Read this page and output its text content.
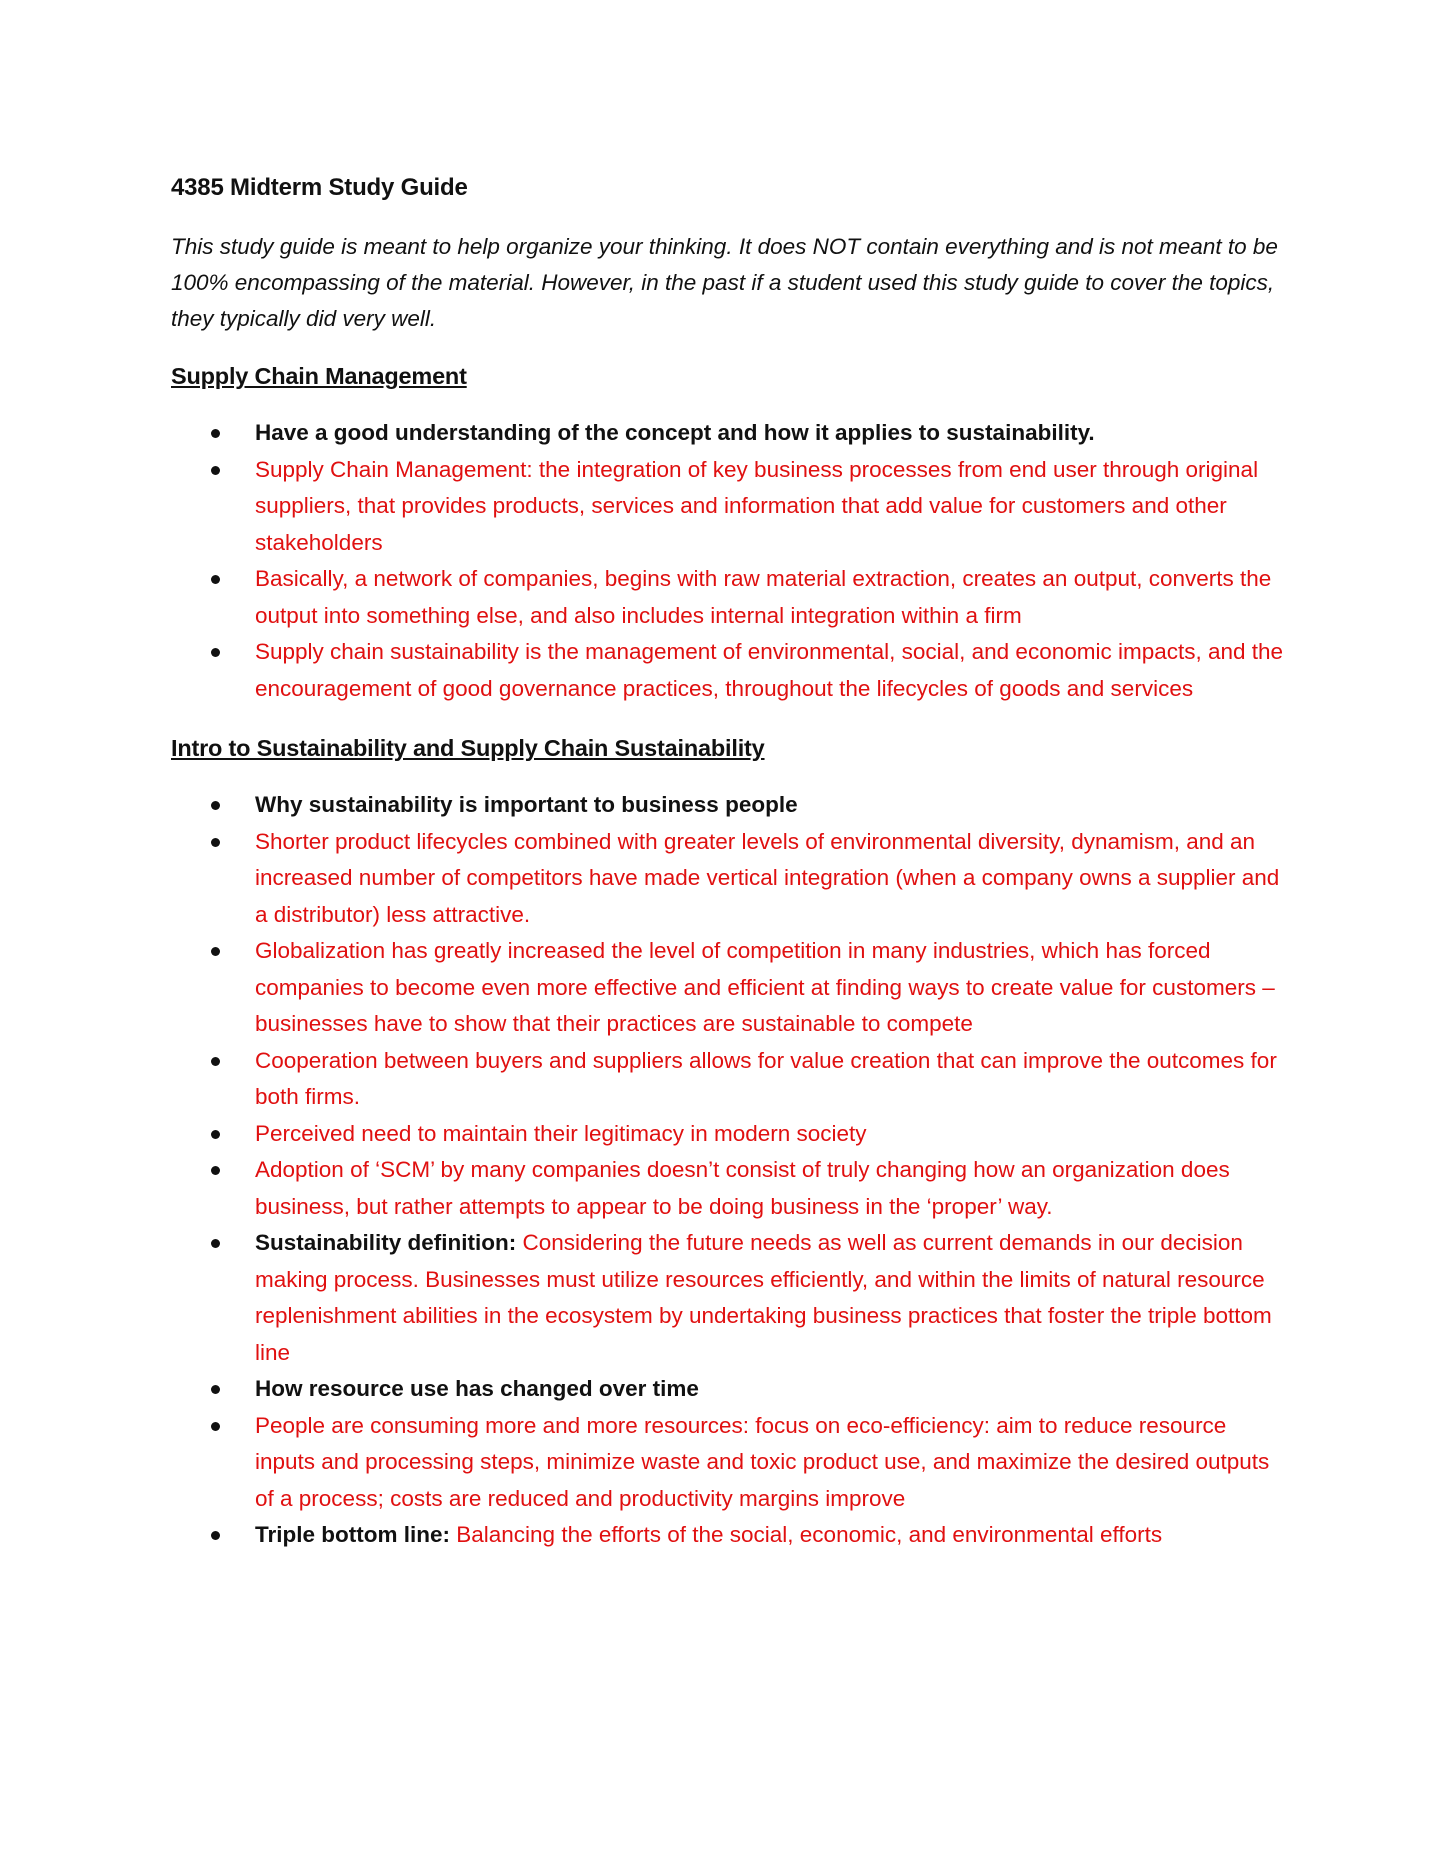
4385 Midterm Study Guide
This study guide is meant to help organize your thinking. It does NOT contain everything and is not meant to be 100% encompassing of the material. However, in the past if a student used this study guide to cover the topics, they typically did very well.
Supply Chain Management
Have a good understanding of the concept and how it applies to sustainability.
Supply Chain Management: the integration of key business processes from end user through original suppliers, that provides products, services and information that add value for customers and other stakeholders
Basically, a network of companies, begins with raw material extraction, creates an output, converts the output into something else, and also includes internal integration within a firm
Supply chain sustainability is the management of environmental, social, and economic impacts, and the encouragement of good governance practices, throughout the lifecycles of goods and services
Intro to Sustainability and Supply Chain Sustainability
Why sustainability is important to business people
Shorter product lifecycles combined with greater levels of environmental diversity, dynamism, and an increased number of competitors have made vertical integration (when a company owns a supplier and a distributor) less attractive.
Globalization has greatly increased the level of competition in many industries, which has forced companies to become even more effective and efficient at finding ways to create value for customers – businesses have to show that their practices are sustainable to compete
Cooperation between buyers and suppliers allows for value creation that can improve the outcomes for both firms.
Perceived need to maintain their legitimacy in modern society
Adoption of ‘SCM’ by many companies doesn’t consist of truly changing how an organization does business, but rather attempts to appear to be doing business in the ‘proper’ way.
Sustainability definition: Considering the future needs as well as current demands in our decision making process. Businesses must utilize resources efficiently, and within the limits of natural resource replenishment abilities in the ecosystem by undertaking business practices that foster the triple bottom line
How resource use has changed over time
People are consuming more and more resources: focus on eco-efficiency: aim to reduce resource inputs and processing steps, minimize waste and toxic product use, and maximize the desired outputs of a process; costs are reduced and productivity margins improve
Triple bottom line: Balancing the efforts of the social, economic, and environmental efforts
